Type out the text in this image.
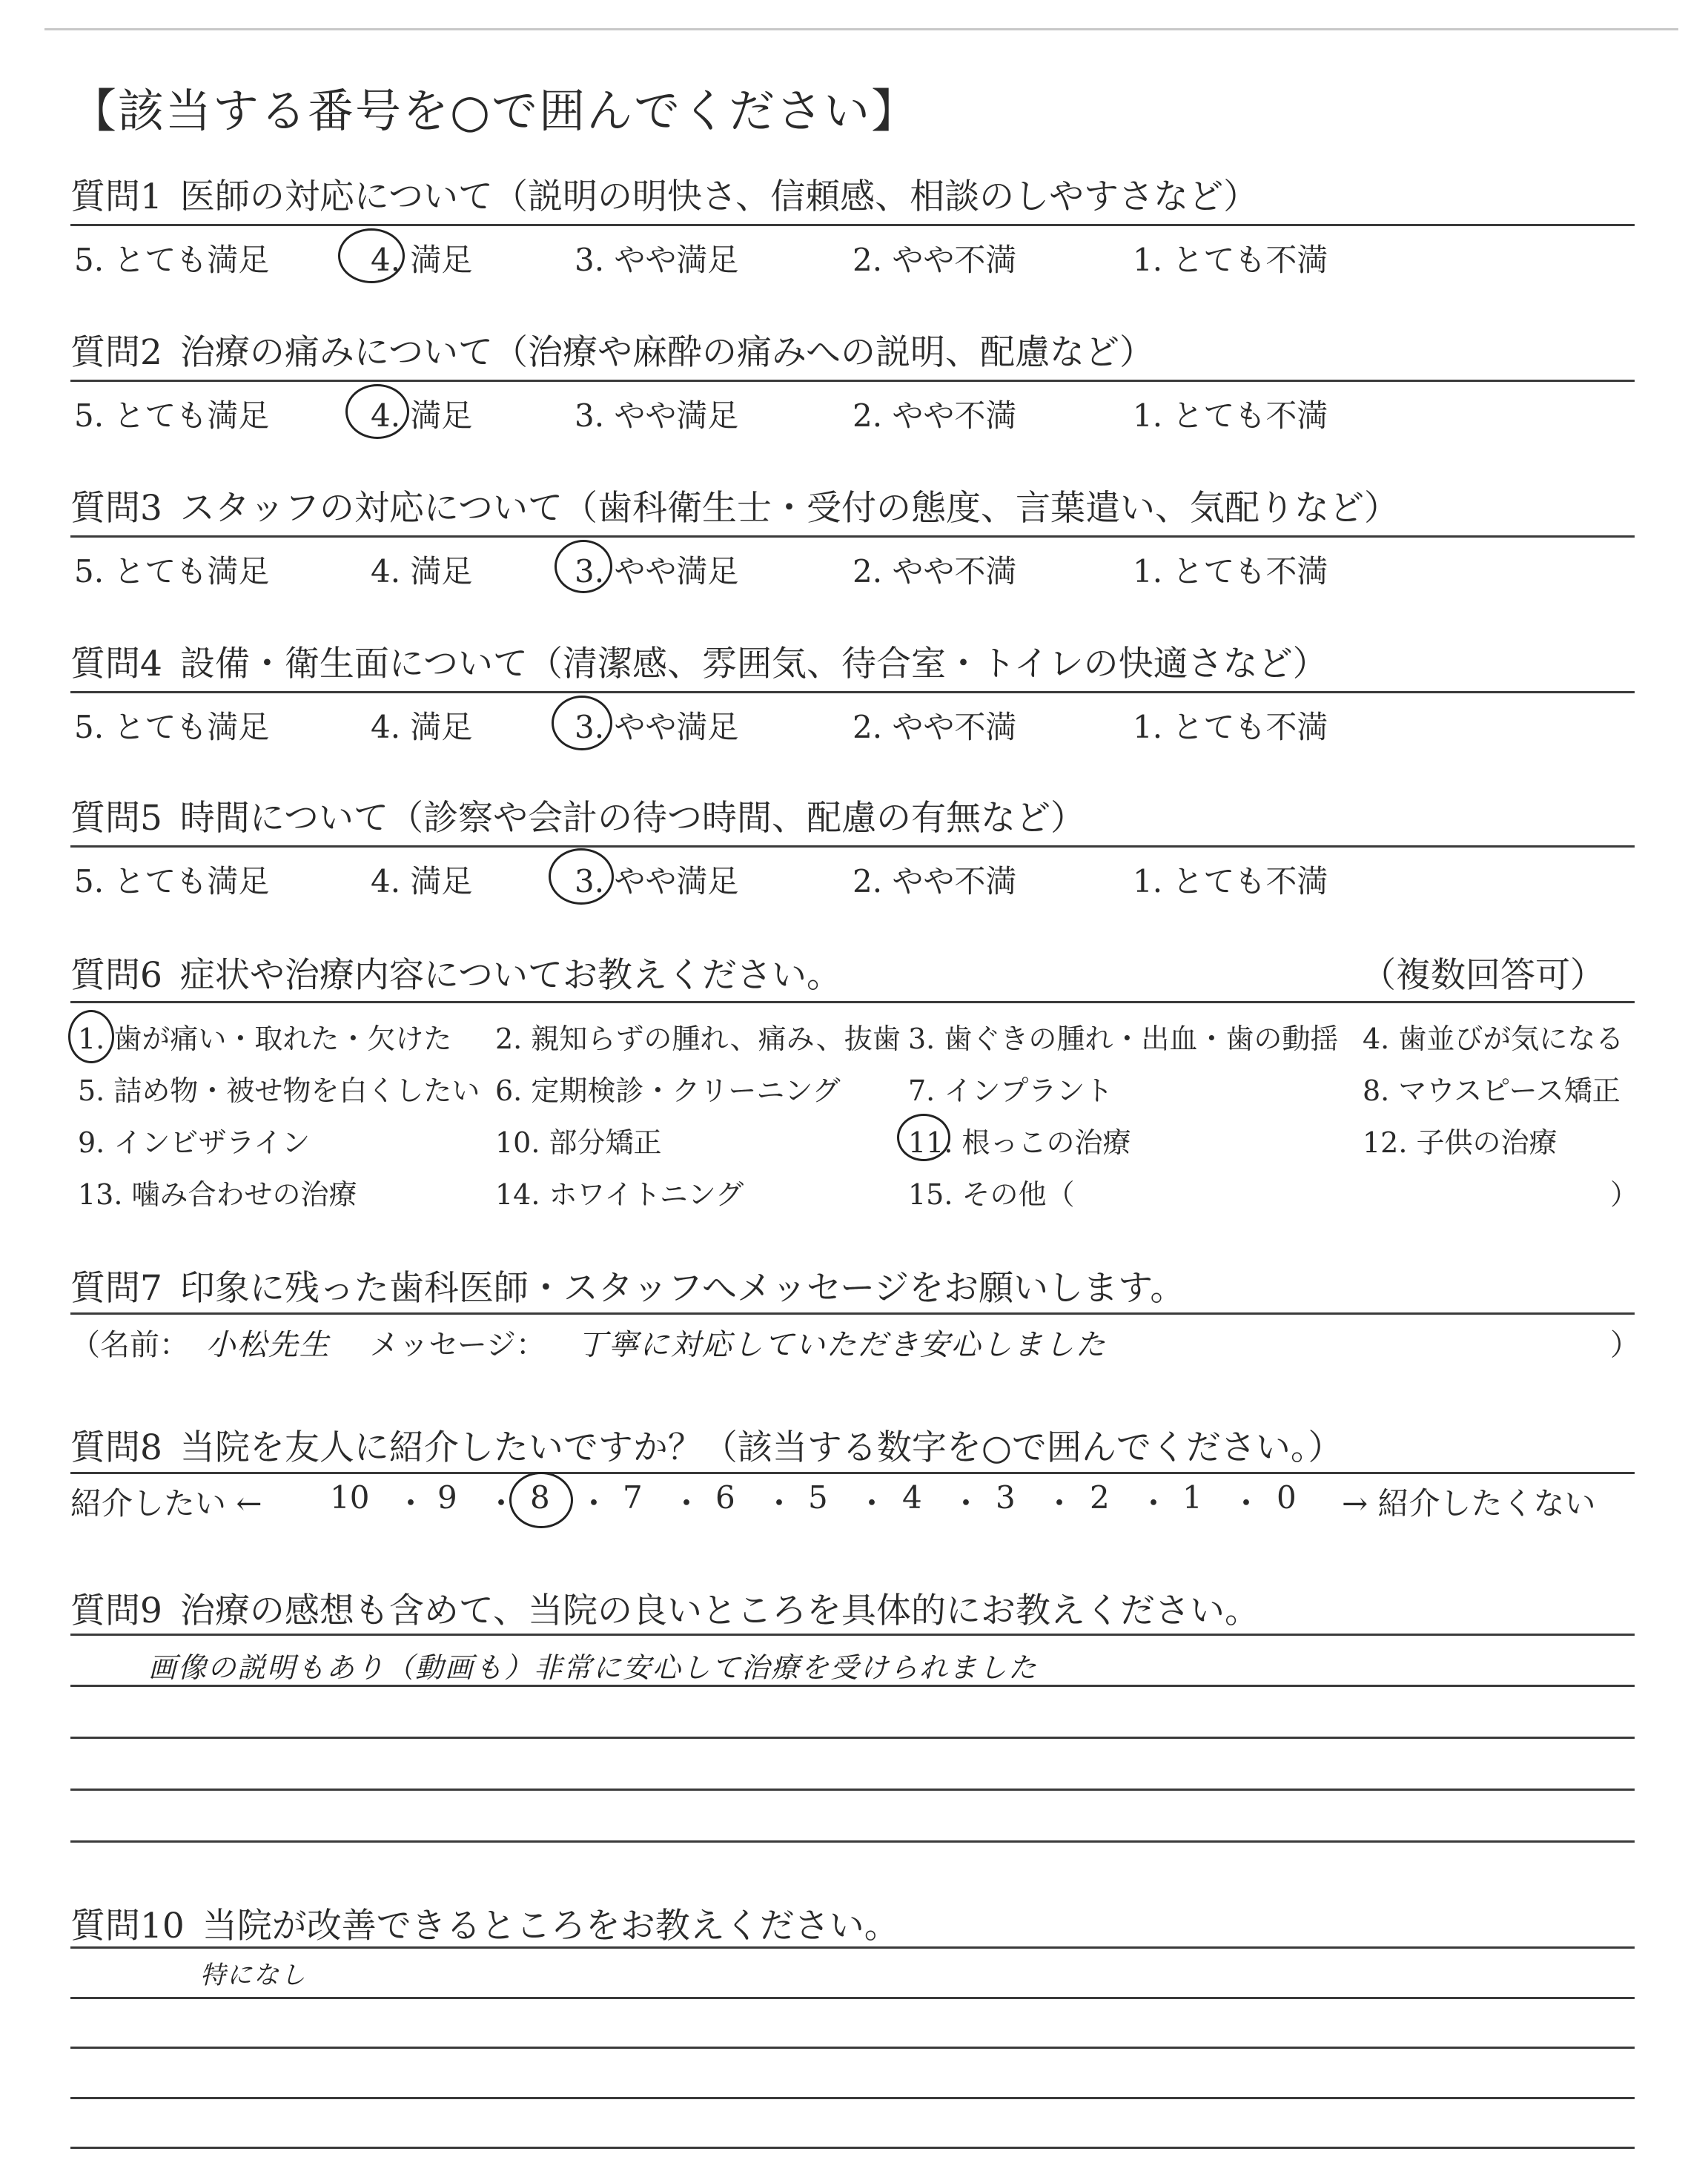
【該当する番号を○で囲んでください】
質問1 医師の対応について（説明の明快さ、信頼感、相談のしやすさなど）
5. とても満足	4. 満足	3. やや満足	2. やや不満	1. とても不満
質問2 治療の痛みについて（治療や麻酔の痛みへの説明、配慮など）
5. とても満足	4. 満足	3. やや満足	2. やや不満	1. とても不満
質問3 スタッフの対応について（歯科衛生士・受付の態度、言葉遣い、気配りなど）
5. とても満足	4. 満足	3. やや満足	2. やや不満	1. とても不満
質問4 設備・衛生面について（清潔感、雰囲気、待合室・トイレの快適さなど）
5. とても満足	4. 満足	3. やや満足	2. やや不満	1. とても不満
質問5 時間について（診察や会計の待つ時間、配慮の有無など）
5. とても満足	4. 満足	3. やや満足	2. やや不満	1. とても不満
質問6 症状や治療内容についてお教えください。	（複数回答可）
1. 歯が痛い・取れた・欠けた 2. 親知らずの腫れ、痛み、抜歯 3. 歯ぐきの腫れ・出血・歯の動揺 4. 歯並びが気になる
5. 詰め物・被せ物を白くしたい 6. 定期検診・クリーニング 7. インプラント	8. マウスピース矯正
9. インビザライン	10. 部分矯正	11. 根っこの治療	12. 子供の治療
13. 噛み合わせの治療	14. ホワイトニング	15. その他（	）
質問7 印象に残った歯科医師・スタッフへメッセージをお願いします。
（名前： 小松先生 メッセージ： 丁寧に対応していただき安心しました	）
質問8 当院を友人に紹介したいですか？（該当する数字を○で囲んでください。）
紹介したい ← 10 ・ 9 ・ 8 ・ 7 ・ 6 ・ 5 ・ 4 ・ 3 ・ 2 ・ 1 ・ 0 → 紹介したくない
質問9 治療の感想も含めて、当院の良いところを具体的にお教えください。
画像の説明もあり（動画も）非常に安心して治療を受けられました
質問10 当院が改善できるところをお教えください。
特になし
